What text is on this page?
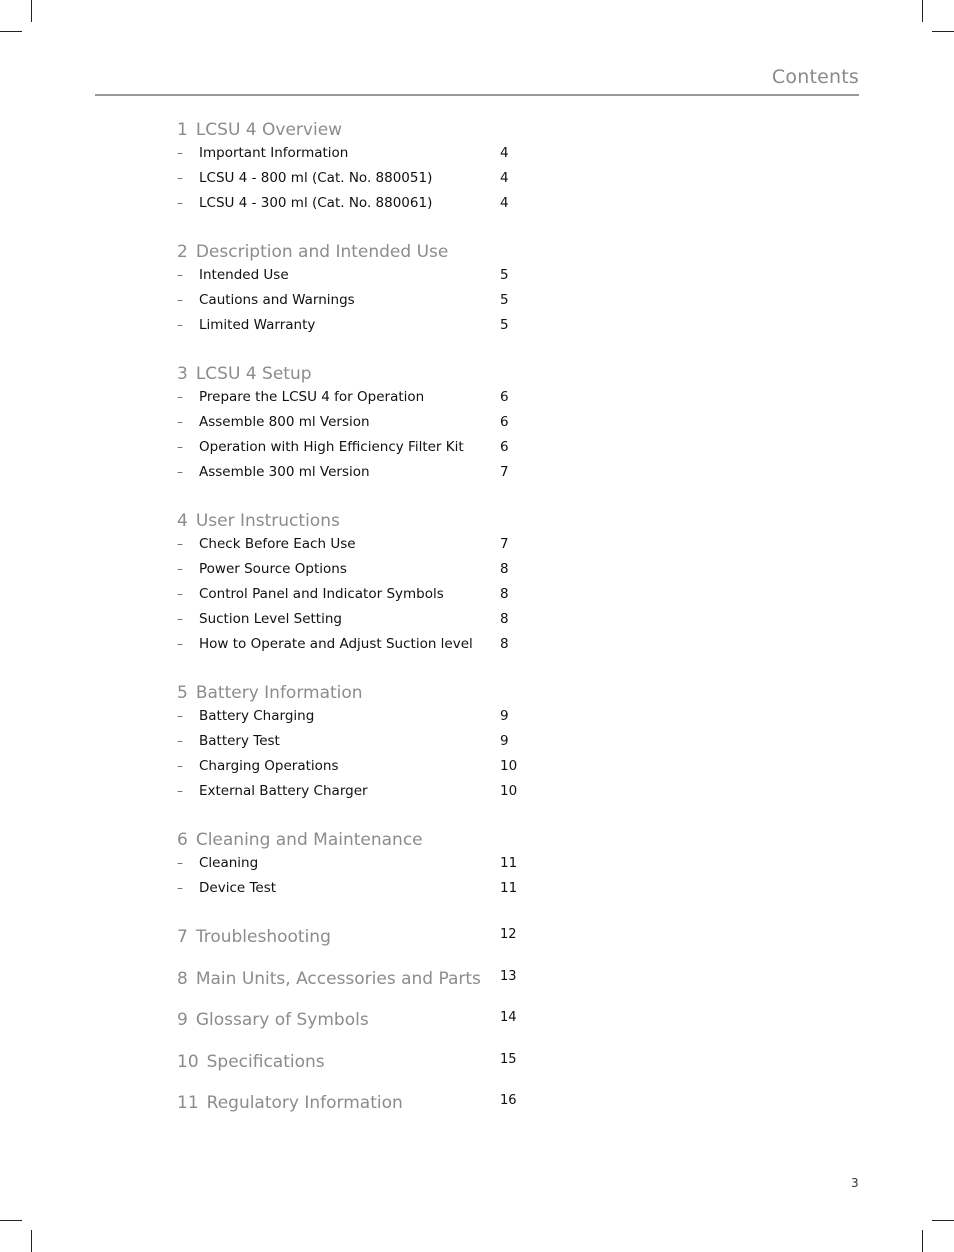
Contents
1 LCSU 4 Overview
– Important Information	4
– LCSU 4 - 800 ml (Cat. No. 880051)	4
– LCSU 4 - 300 ml (Cat. No. 880061)	4
2 Description and Intended Use
– Intended Use	5
– Cautions and Warnings	5
– Limited Warranty	5
3 LCSU 4 Setup
– Prepare the LCSU 4 for Operation	6
– Assemble 800 ml Version	6
– Operation with High Efficiency Filter Kit	6
– Assemble 300 ml Version	7
4 User Instructions
– Check Before Each Use	7
– Power Source Options	8
– Control Panel and Indicator Symbols	8
– Suction Level Setting	8
– How to Operate and Adjust Suction level 8
5 Battery Information
– Battery Charging	9
– Battery Test	9
– Charging Operations	10
– External Battery Charger	10
6 Cleaning and Maintenance
– Cleaning	11
– Device Test	11
7 Troubleshooting	12
8 Main Units, Accessories and Parts 13
9 Glossary of Symbols	14
10 Specifications	15
11 Regulatory Information	16
3
